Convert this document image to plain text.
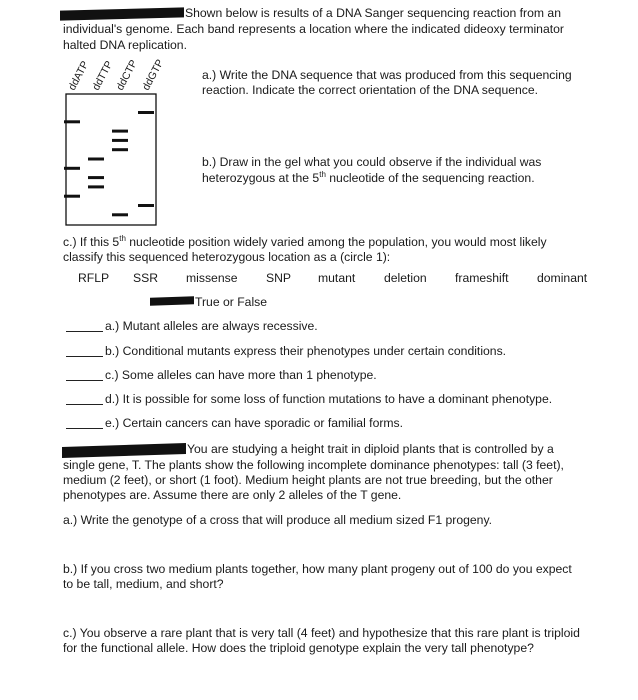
Shown below is results of a DNA Sanger sequencing reaction from an
individual's genome. Each band represents a location where the indicated dideoxy terminator
halted DNA replication.
ddATP
ddTTP
ddCTP ddGTP	a.) Write the DNA sequence that was produced from this sequencing
reaction. Indicate the correct orientation of the DNA sequence.
b.) Draw in the gel what you could observe if the individual was
heterozygous at the 5th nucleotide of the sequencing reaction.
c.) If this 5th nucleotide position widely varied among the population, you would most likely
classify this sequenced heterozygous location as a (circle 1):
RFLP SSR missense SNP mutant deletion frameshift dominant
True or False
a.) Mutant alleles are always recessive.
b.) Conditional mutants express their phenotypes under certain conditions.
c.) Some alleles can have more than 1 phenotype.
d.) It is possible for some loss of function mutations to have a dominant phenotype.
e.) Certain cancers can have sporadic or familial forms.
You are studying a height trait in diploid plants that is controlled by a
single gene, T. The plants show the following incomplete dominance phenotypes: tall (3 feet),
medium (2 feet), or short (1 foot). Medium height plants are not true breeding, but the other
phenotypes are. Assume there are only 2 alleles of the T gene.
a.) Write the genotype of a cross that will produce all medium sized F1 progeny.
b.) If you cross two medium plants together, how many plant progeny out of 100 do you expect
to be tall, medium, and short?
c.) You observe a rare plant that is very tall (4 feet) and hypothesize that this rare plant is triploid
for the functional allele. How does the triploid genotype explain the very tall phenotype?
